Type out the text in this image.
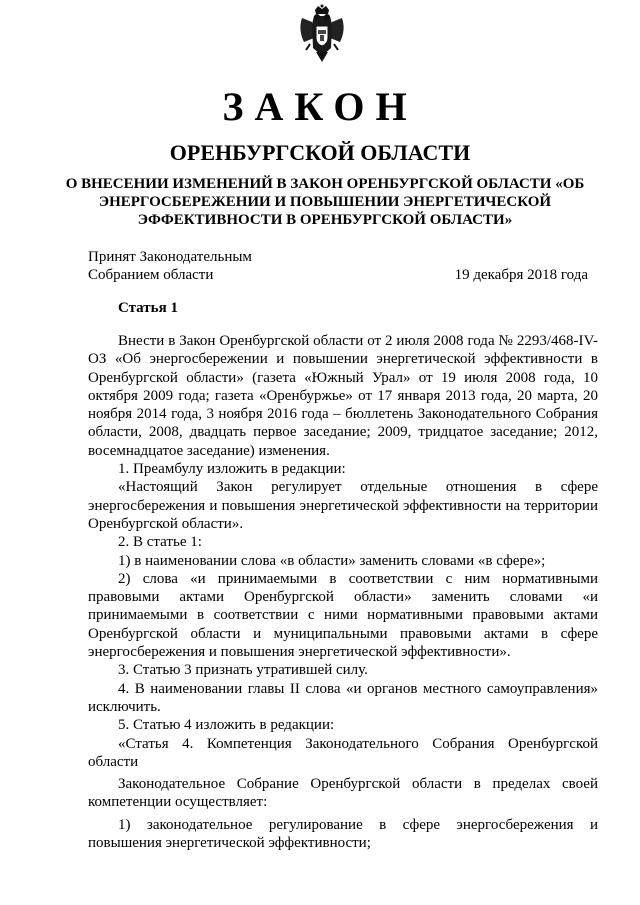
ЗАКОН
ОРЕНБУРГСКОЙ ОБЛАСТИ
О ВНЕСЕНИИ ИЗМЕНЕНИЙ В ЗАКОН ОРЕНБУРГСКОЙ ОБЛАСТИ «ОБ ЭНЕРГОСБЕРЕЖЕНИИ И ПОВЫШЕНИИ ЭНЕРГЕТИЧЕСКОЙ ЭФФЕКТИВНОСТИ В ОРЕНБУРГСКОЙ ОБЛАСТИ»
Принят Законодательным
Собранием области	19 декабря 2018 года
Статья 1

Внести в Закон Оренбургской области от 2 июля 2008 года № 2293/468-IV-ОЗ «Об энергосбережении и повышении энергетической эффективности в Оренбургской области» (газета «Южный Урал» от 19 июля 2008 года, 10 октября 2009 года; газета «Оренбуржье» от 17 января 2013 года, 20 марта, 20 ноября 2014 года, 3 ноября 2016 года – бюллетень Законодательного Собрания области, 2008, двадцать первое заседание; 2009, тридцатое заседание; 2012, восемнадцатое заседание) изменения.

1. Преамбулу изложить в редакции:

«Настоящий Закон регулирует отдельные отношения в сфере энергосбережения и повышения энергетической эффективности на территории Оренбургской области».

2. В статье 1:

1) в наименовании слова «в области» заменить словами «в сфере»;

2) слова «и принимаемыми в соответствии с ним нормативными правовыми актами Оренбургской области» заменить словами «и принимаемыми в соответствии с ними нормативными правовыми актами Оренбургской области и муниципальными правовыми актами в сфере энергосбережения и повышения энергетической эффективности».

3. Статью 3 признать утратившей силу.

4. В наименовании главы II слова «и органов местного самоуправления» исключить.

5. Статью 4 изложить в редакции:

«Статья 4. Компетенция Законодательного Собрания Оренбургской области

Законодательное Собрание Оренбургской области в пределах своей компетенции осуществляет:

1) законодательное регулирование в сфере энергосбережения и повышения энергетической эффективности;
